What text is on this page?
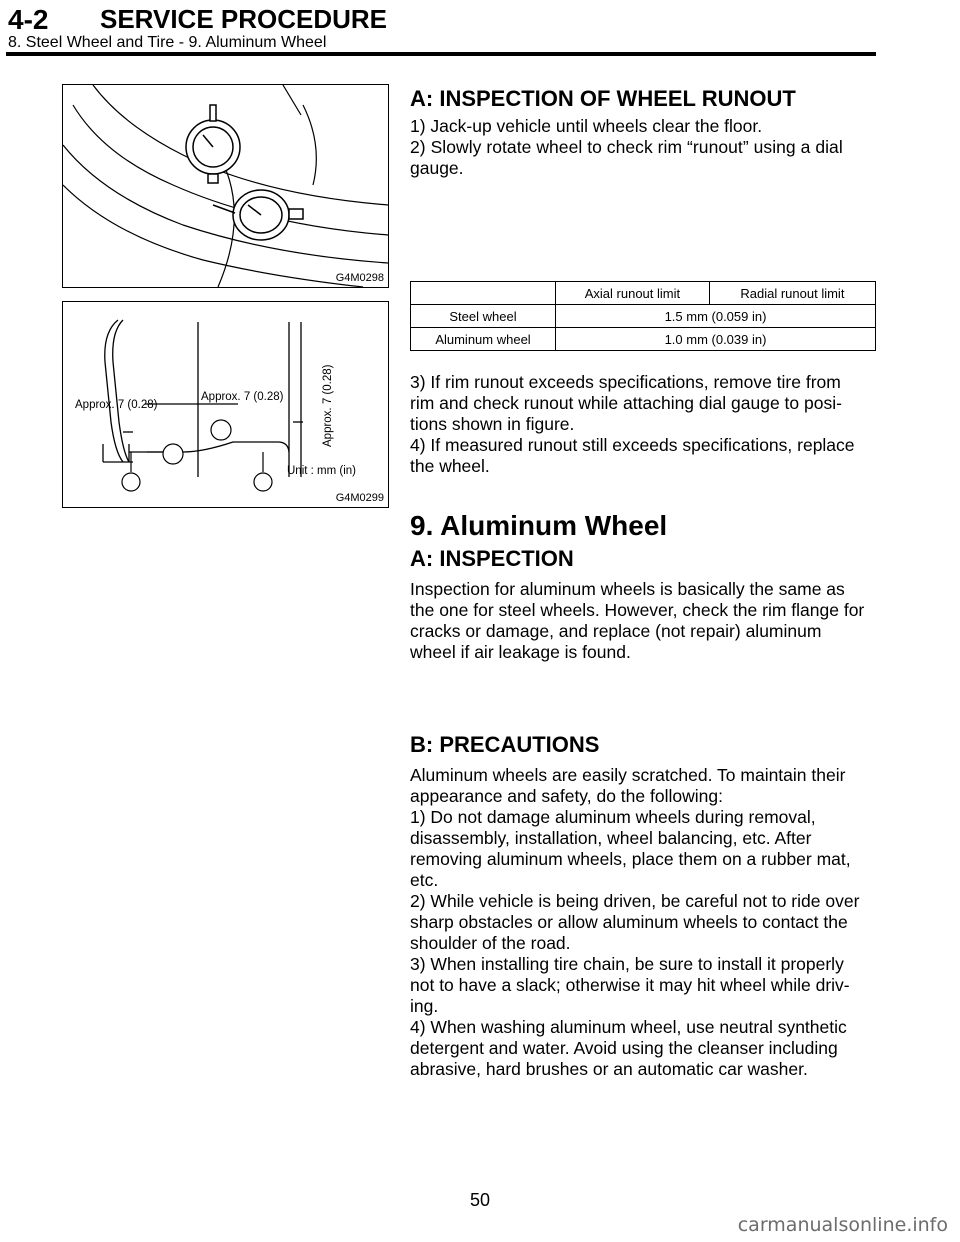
4-2 SERVICE PROCEDURE
8. Steel Wheel and Tire - 9. Aluminum Wheel
G4M0298
Approx. 7 (0.28)
Approx. 7 (0.28)	Approx. 7 (0.28)
Unit : mm (in)
G4M0299
A: INSPECTION OF WHEEL RUNOUT
1) Jack-up vehicle until wheels clear the floor.
2) Slowly rotate wheel to check rim “runout” using a dial
gauge.
	Axial runout limit	Radial runout limit
Steel wheel	1.5 mm (0.059 in)	
Aluminum wheel	1.0 mm (0.039 in)	
3) If rim runout exceeds specifications, remove tire from
rim and check runout while attaching dial gauge to posi-
tions shown in figure.
4) If measured runout still exceeds specifications, replace
the wheel.
9. Aluminum Wheel
A: INSPECTION
Inspection for aluminum wheels is basically the same as
the one for steel wheels. However, check the rim flange for
cracks or damage, and replace (not repair) aluminum
wheel if air leakage is found.
B: PRECAUTIONS
Aluminum wheels are easily scratched. To maintain their
appearance and safety, do the following:
1) Do not damage aluminum wheels during removal,
disassembly, installation, wheel balancing, etc. After
removing aluminum wheels, place them on a rubber mat,
etc.
2) While vehicle is being driven, be careful not to ride over
sharp obstacles or allow aluminum wheels to contact the
shoulder of the road.
3) When installing tire chain, be sure to install it properly
not to have a slack; otherwise it may hit wheel while driv-
ing.
4) When washing aluminum wheel, use neutral synthetic
detergent and water. Avoid using the cleanser including
abrasive, hard brushes or an automatic car washer.
50
carmanualsonline.info
